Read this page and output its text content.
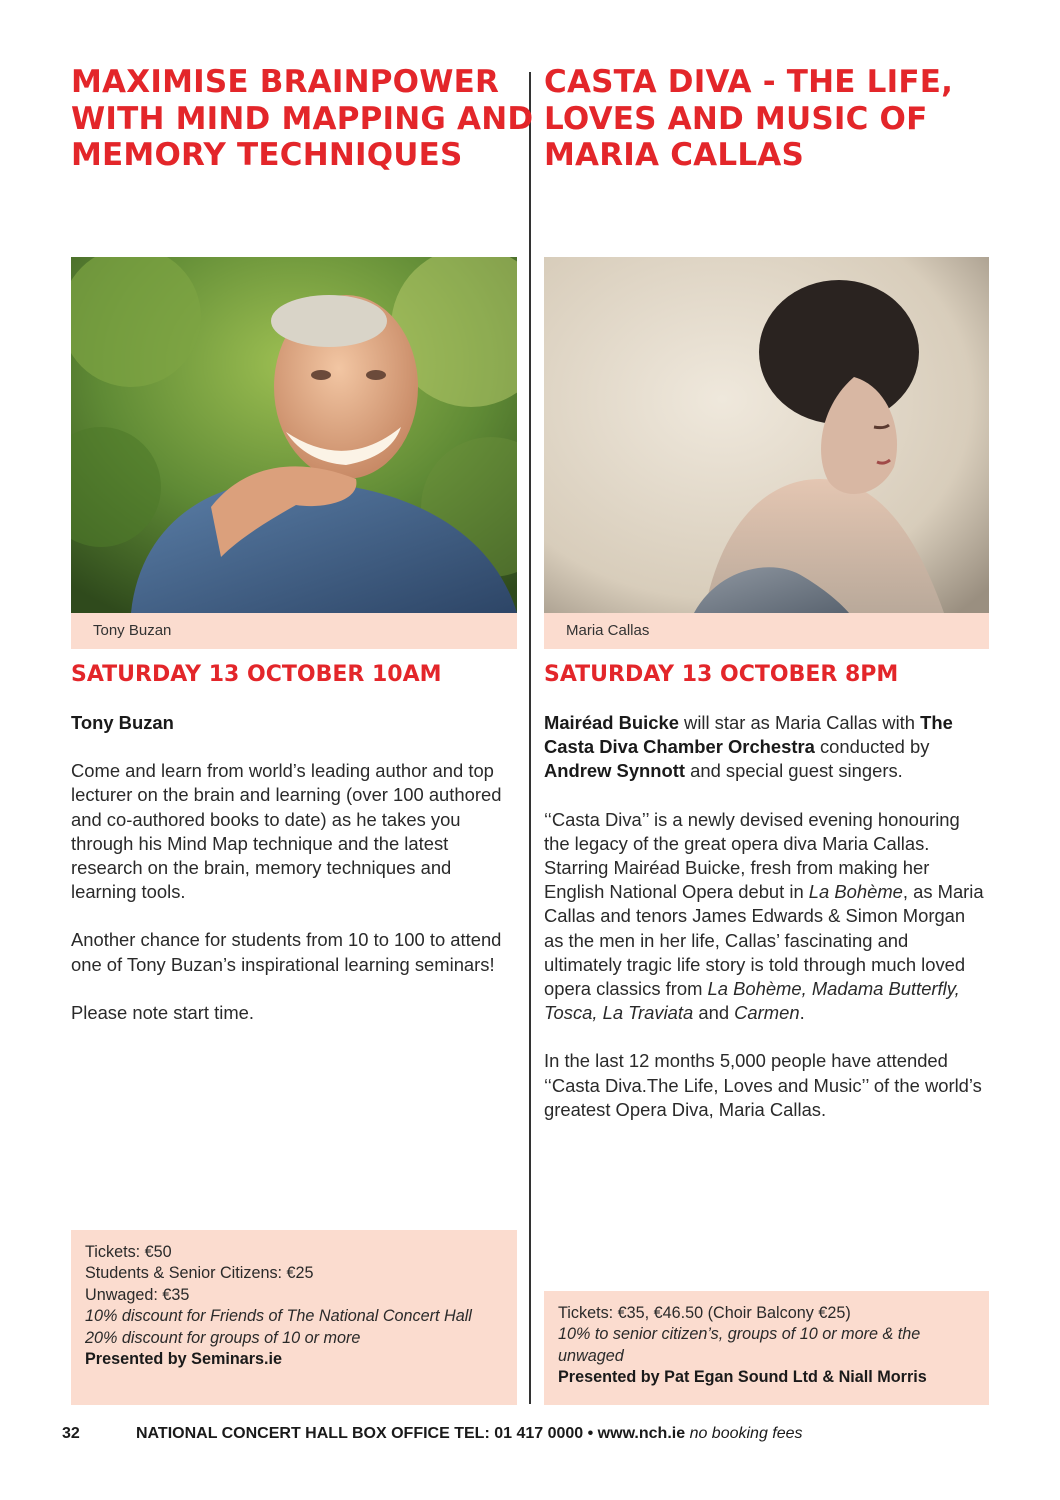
MAXIMISE BRAINPOWER WITH MIND MAPPING AND MEMORY TECHNIQUES
Tony Buzan
SATURDAY 13 OCTOBER 10AM

Tony Buzan

Come and learn from world’s leading author and top lecturer on the brain and learning (over 100 authored and co-authored books to date) as he takes you through his Mind Map technique and the latest research on the brain, memory techniques and learning tools.

Another chance for students from 10 to 100 to attend one of Tony Buzan’s inspirational learning seminars!

Please note start time.

Tickets: €50
Students & Senior Citizens: €25
Unwaged: €35
10% discount for Friends of The National Concert Hall
20% discount for groups of 10 or more
Presented by Seminars.ie
CASTA DIVA - THE LIFE, LOVES AND MUSIC OF MARIA CALLAS
Maria Callas
SATURDAY 13 OCTOBER 8PM

Mairéad Buicke will star as Maria Callas with The Casta Diva Chamber Orchestra conducted by Andrew Synnott and special guest singers.

‘‘Casta Diva’’ is a newly devised evening honouring the legacy of the great opera diva Maria Callas. Starring Mairéad Buicke, fresh from making her English National Opera debut in La Bohème, as Maria Callas and tenors James Edwards & Simon Morgan as the men in her life, Callas’ fascinating and ultimately tragic life story is told through much loved opera classics from La Bohème, Madama Butterfly, Tosca, La Traviata and Carmen.

In the last 12 months 5,000 people have attended ‘‘Casta Diva.The Life, Loves and Music’’ of the world’s greatest Opera Diva, Maria Callas.

Tickets: €35, €46.50 (Choir Balcony €25)
10% to senior citizen’s, groups of 10 or more & the unwaged
Presented by Pat Egan Sound Ltd & Niall Morris
32	NATIONAL CONCERT HALL BOX OFFICE TEL: 01 417 0000 • www.nch.ie no booking fees
